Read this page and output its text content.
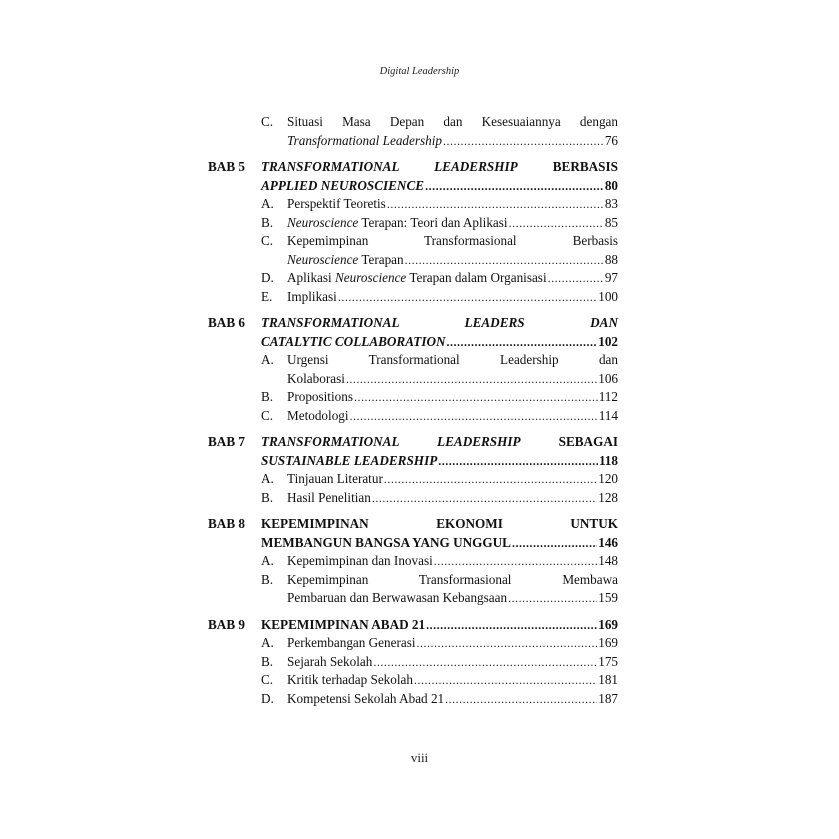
Digital Leadership
C. Situasi Masa Depan dan Kesesuaiannya dengan
Transformational Leadership .....	76
BAB 5 TRANSFORMATIONAL LEADERSHIP	BERBASIS
APPLIED NEUROSCIENCE .....	80
A. Perspektif Teoretis .....	83
B. Neuroscience Terapan: Teori dan Aplikasi .....	85
C. Kepemimpinan Transformasional Berbasis
Neuroscience Terapan .....	88
D. Aplikasi Neuroscience Terapan dalam Organisasi .....	97
E. Implikasi .....	100
BAB 6 TRANSFORMATIONAL LEADERS DAN
CATALYTIC COLLABORATION .....	102
A. Urgensi Transformational Leadership dan
Kolaborasi .....	106
B. Propositions .....	112
C. Metodologi .....	114
BAB 7 TRANSFORMATIONAL LEADERSHIP	SEBAGAI
SUSTAINABLE LEADERSHIP .....	118
A. Tinjauan Literatur .....	120
B. Hasil Penelitian .....	128
BAB 8 KEPEMIMPINAN EKONOMI UNTUK
MEMBANGUN BANGSA YANG UNGGUL .....	146
A. Kepemimpinan dan Inovasi .....	148
B. Kepemimpinan Transformasional Membawa
Pembaruan dan Berwawasan Kebangsaan .....	159
BAB 9 KEPEMIMPINAN ABAD 21 .....	169
A. Perkembangan Generasi .....	169
B. Sejarah Sekolah .....	175
C. Kritik terhadap Sekolah .....	181
D. Kompetensi Sekolah Abad 21 .....	187
viii
